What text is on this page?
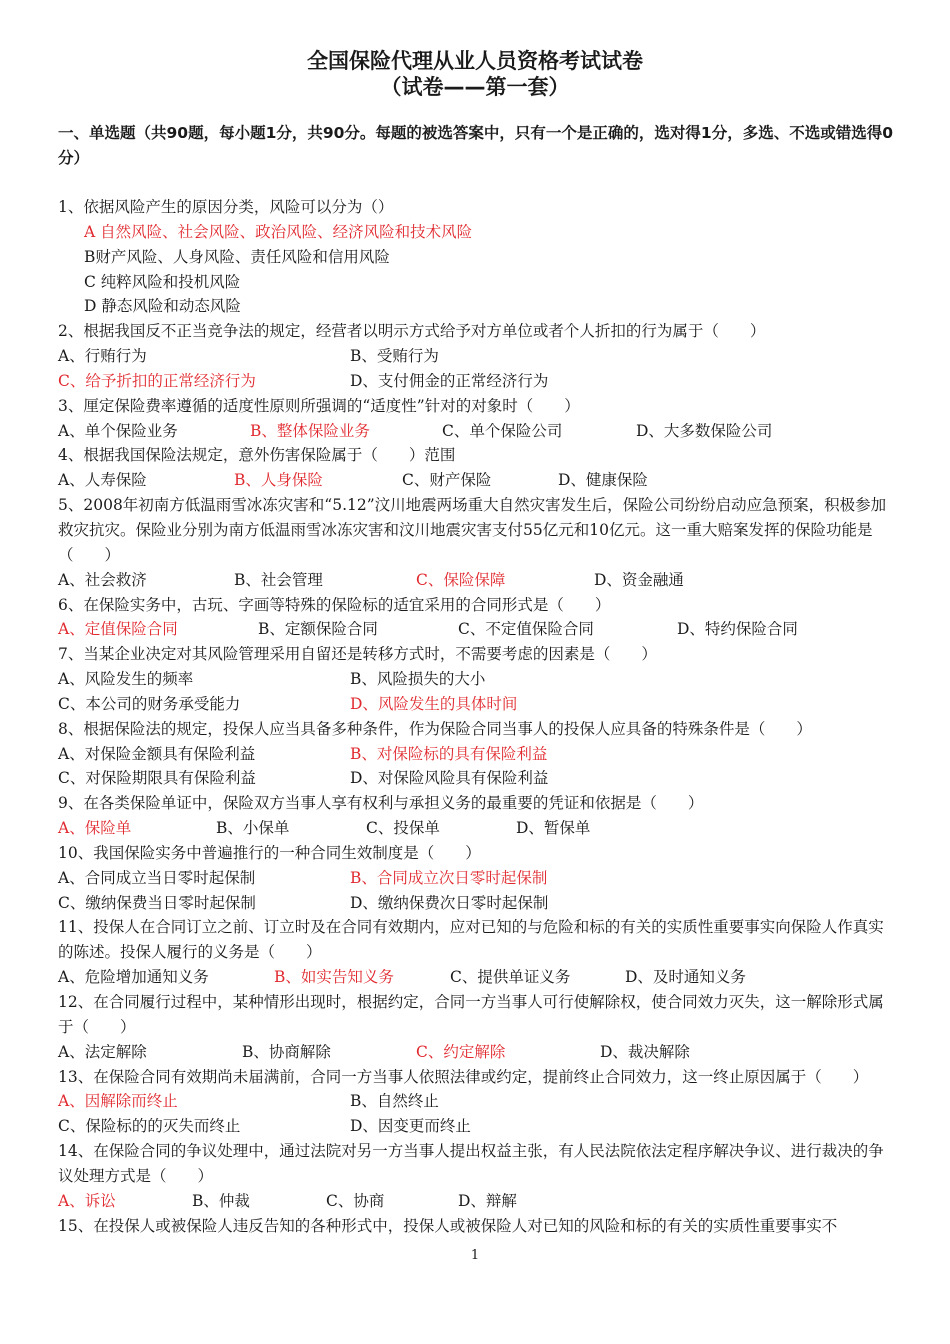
全国保险代理从业人员资格考试试卷
（试卷——第一套）
一、单选题（共90题，每小题1分，共90分。每题的被选答案中，只有一个是正确的，选对得1分，多选、不选或错选得0分）
1、依据风险产生的原因分类，风险可以分为（）
A 自然风险、社会风险、政治风险、经济风险和技术风险
B财产风险、人身风险、责任风险和信用风险
C 纯粹风险和投机风险
D 静态风险和动态风险
2、根据我国反不正当竞争法的规定，经营者以明示方式给予对方单位或者个人折扣的行为属于（　　）
A、行贿行为	B、受贿行为
C、给予折扣的正常经济行为	D、支付佣金的正常经济行为
3、厘定保险费率遵循的适度性原则所强调的“适度性”针对的对象时（　　）
A、单个保险业务	B、整体保险业务	C、单个保险公司	D、大多数保险公司
4、根据我国保险法规定，意外伤害保险属于（　　）范围
A、人寿保险	B、人身保险	C、财产保险	D、健康保险
5、2008年初南方低温雨雪冰冻灾害和“5.12”汶川地震两场重大自然灾害发生后，保险公司纷纷启动应急预案，积极参加救灾抗灾。保险业分别为南方低温雨雪冰冻灾害和汶川地震灾害支付55亿元和10亿元。这一重大赔案发挥的保险功能是（　　）
A、社会救济	B、社会管理	C、保险保障	D、资金融通
6、在保险实务中，古玩、字画等特殊的保险标的适宜采用的合同形式是（　　）
A、定值保险合同	B、定额保险合同	C、不定值保险合同	D、特约保险合同
7、当某企业决定对其风险管理采用自留还是转移方式时，不需要考虑的因素是（　　）
A、风险发生的频率	B、风险损失的大小
C、本公司的财务承受能力	D、风险发生的具体时间
8、根据保险法的规定，投保人应当具备多种条件，作为保险合同当事人的投保人应具备的特殊条件是（　　）
A、对保险金额具有保险利益	B、对保险标的具有保险利益
C、对保险期限具有保险利益	D、对保险风险具有保险利益
9、在各类保险单证中，保险双方当事人享有权利与承担义务的最重要的凭证和依据是（　　）
A、保险单	B、小保单	C、投保单	D、暂保单
10、我国保险实务中普遍推行的一种合同生效制度是（　　）
A、合同成立当日零时起保制	B、合同成立次日零时起保制
C、缴纳保费当日零时起保制	D、缴纳保费次日零时起保制
11、投保人在合同订立之前、订立时及在合同有效期内，应对已知的与危险和标的有关的实质性重要事实向保险人作真实的陈述。投保人履行的义务是（　　）
A、危险增加通知义务	B、如实告知义务	C、提供单证义务	D、及时通知义务
12、在合同履行过程中，某种情形出现时，根据约定，合同一方当事人可行使解除权，使合同效力灭失，这一解除形式属于（　　）
A、法定解除	B、协商解除	C、约定解除	D、裁决解除
13、在保险合同有效期尚未届满前，合同一方当事人依照法律或约定，提前终止合同效力，这一终止原因属于（　　）
A、因解除而终止	B、自然终止
C、保险标的的灭失而终止	D、因变更而终止
14、在保险合同的争议处理中，通过法院对另一方当事人提出权益主张，有人民法院依法定程序解决争议、进行裁决的争议处理方式是（　　）
A、诉讼	B、仲裁	C、协商	D、辩解
15、在投保人或被保险人违反告知的各种形式中，投保人或被保险人对已知的风险和标的有关的实质性重要事实不
1
